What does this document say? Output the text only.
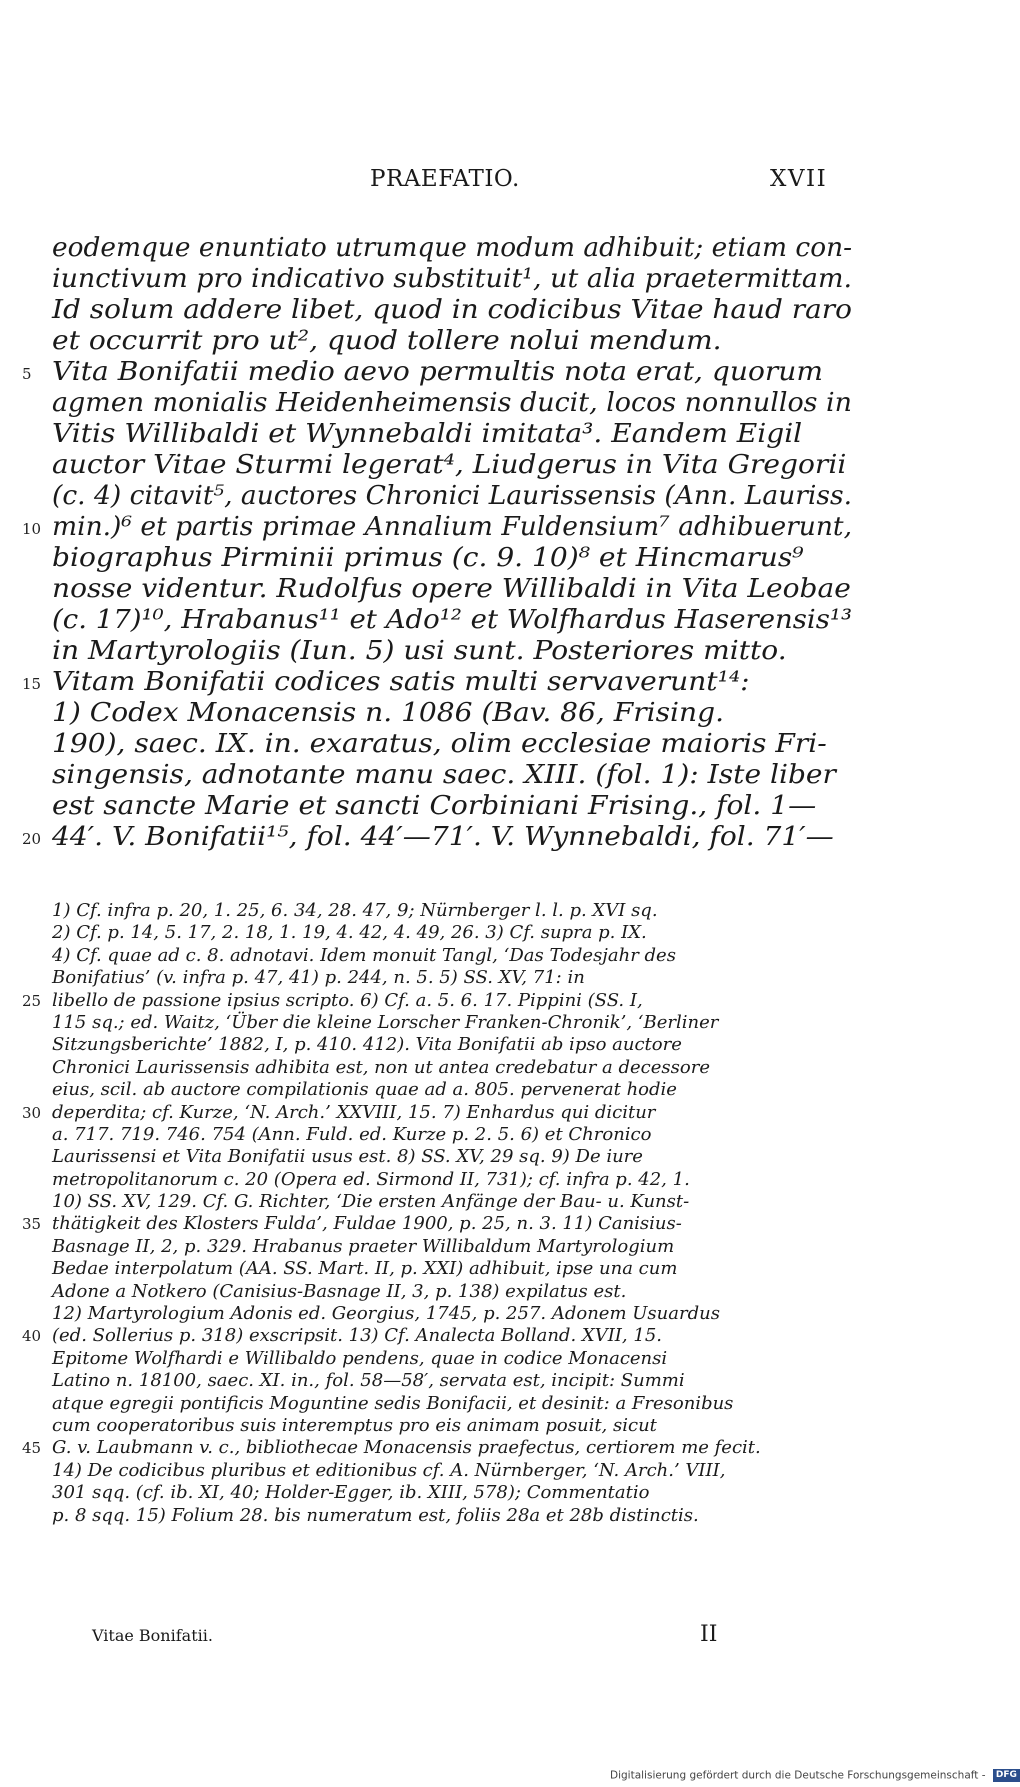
PRAEFATIO.	XVII
eodemque enuntiato utrumque modum adhibuit; etiam con-
iunctivum pro indicativo substituit¹, ut alia praetermittam.
Id solum addere libet, quod in codicibus Vitae haud raro
et occurrit pro ut², quod tollere nolui mendum.
5 Vita Bonifatii medio aevo permultis nota erat, quorum
agmen monialis Heidenheimensis ducit, locos nonnullos in
Vitis Willibaldi et Wynnebaldi imitata³. Eandem Eigil
auctor Vitae Sturmi legerat⁴, Liudgerus in Vita Gregorii
(c. 4) citavit⁵, auctores Chronici Laurissensis (Ann. Lauriss.
10 min.)⁶ et partis primae Annalium Fuldensium⁷ adhibuerunt,
biographus Pirminii primus (c. 9. 10)⁸ et Hincmarus⁹
nosse videntur. Rudolfus opere Willibaldi in Vita Leobae
(c. 17)¹⁰, Hrabanus¹¹ et Ado¹² et Wolfhardus Haserensis¹³
in Martyrologiis (Iun. 5) usi sunt. Posteriores mitto.
15 Vitam Bonifatii codices satis multi servaverunt¹⁴:
1) Codex Monacensis n. 1086 (Bav. 86, Frising.
190), saec. IX. in. exaratus, olim ecclesiae maioris Fri-
singensis, adnotante manu saec. XIII. (fol. 1): Iste liber
est sancte Marie et sancti Corbiniani Frising., fol. 1—
20 44′. V. Bonifatii¹⁵, fol. 44′—71′. V. Wynnebaldi, fol. 71′—
1) Cf. infra p. 20, 1. 25, 6. 34, 28. 47, 9; Nürnberger l. l. p. XVI sq.
2) Cf. p. 14, 5. 17, 2. 18, 1. 19, 4. 42, 4. 49, 26. 3) Cf. supra p. IX.
4) Cf. quae ad c. 8. adnotavi. Idem monuit Tangl, ‘Das Todesjahr des
Bonifatius’ (v. infra p. 47, 41) p. 244, n. 5. 5) SS. XV, 71: in
25 libello de passione ipsius scripto. 6) Cf. a. 5. 6. 17. Pippini (SS. I,
115 sq.; ed. Waitz, ‘Über die kleine Lorscher Franken-Chronik’, ‘Berliner
Sitzungsberichte’ 1882, I, p. 410. 412). Vita Bonifatii ab ipso auctore
Chronici Laurissensis adhibita est, non ut antea credebatur a decessore
eius, scil. ab auctore compilationis quae ad a. 805. pervenerat hodie
30 deperdita; cf. Kurze, ‘N. Arch.’ XXVIII, 15. 7) Enhardus qui dicitur
a. 717. 719. 746. 754 (Ann. Fuld. ed. Kurze p. 2. 5. 6) et Chronico
Laurissensi et Vita Bonifatii usus est. 8) SS. XV, 29 sq. 9) De iure
metropolitanorum c. 20 (Opera ed. Sirmond II, 731); cf. infra p. 42, 1.
10) SS. XV, 129. Cf. G. Richter, ‘Die ersten Anfänge der Bau- u. Kunst-
35 thätigkeit des Klosters Fulda’, Fuldae 1900, p. 25, n. 3. 11) Canisius-
Basnage II, 2, p. 329. Hrabanus praeter Willibaldum Martyrologium
Bedae interpolatum (AA. SS. Mart. II, p. XXI) adhibuit, ipse una cum
Adone a Notkero (Canisius-Basnage II, 3, p. 138) expilatus est.
12) Martyrologium Adonis ed. Georgius, 1745, p. 257. Adonem Usuardus
40 (ed. Sollerius p. 318) exscripsit. 13) Cf. Analecta Bolland. XVII, 15.
Epitome Wolfhardi e Willibaldo pendens, quae in codice Monacensi
Latino n. 18100, saec. XI. in., fol. 58—58′, servata est, incipit: Summi
atque egregii pontificis Moguntine sedis Bonifacii, et desinit: a Fresonibus
cum cooperatoribus suis interemptus pro eis animam posuit, sicut
45 G. v. Laubmann v. c., bibliothecae Monacensis praefectus, certiorem me fecit.
14) De codicibus pluribus et editionibus cf. A. Nürnberger, ‘N. Arch.’ VIII,
301 sqq. (cf. ib. XI, 40; Holder-Egger, ib. XIII, 578); Commentatio
p. 8 sqq. 15) Folium 28. bis numeratum est, foliis 28a et 28b distinctis.
Vitae Bonifatii.	II
Digitalisierung gefördert durch die Deutsche Forschungsgemeinschaft - DFG
